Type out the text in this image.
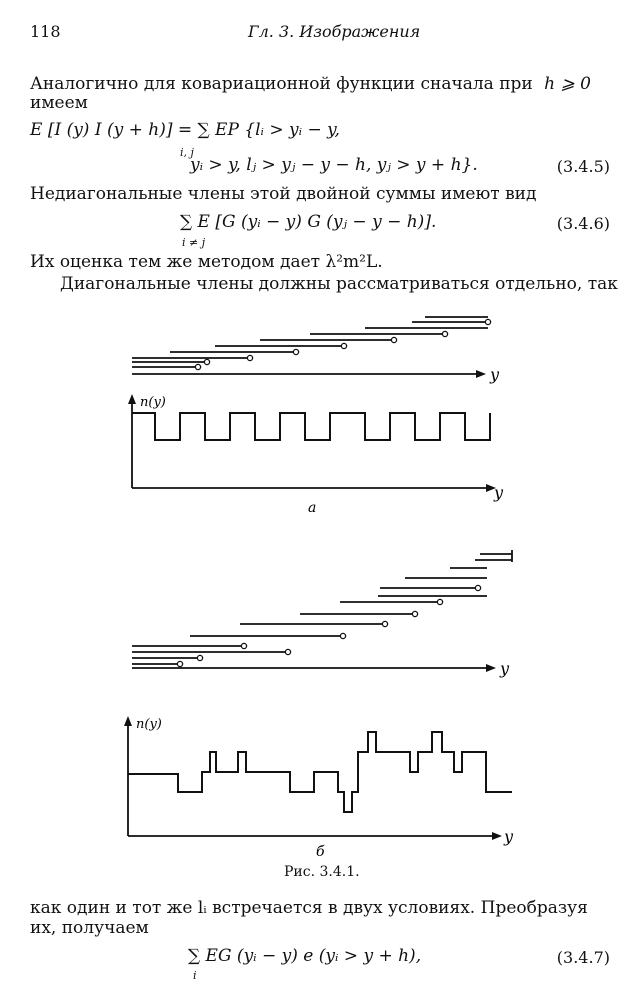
118	Гл. 3. Изображения
Аналогично для ковариационной функции сначала при h ⩾ 0
имеем
E [I (y) I (y + h)] = ∑ EP {lᵢ > yᵢ − y,
i, j
yᵢ > y, lⱼ > yⱼ − y − h, yⱼ > y + h}.	(3.4.5)
Недиагональные члены этой двойной суммы имеют вид
∑ E [G (yᵢ − y) G (yⱼ − y − h)].
i ≠ j
(3.4.6)
Их оценка тем же методом дает λ²m²L.
Диагональные члены должны рассматриваться отдельно, так
y
n(y)
y
а
y
n(y)
y
б
Рис. 3.4.1.
как один и тот же lᵢ встречается в двух условиях. Преобразуя
их, получаем
∑ EG (yᵢ − y) e (yᵢ > y + h),
i
(3.4.7)
